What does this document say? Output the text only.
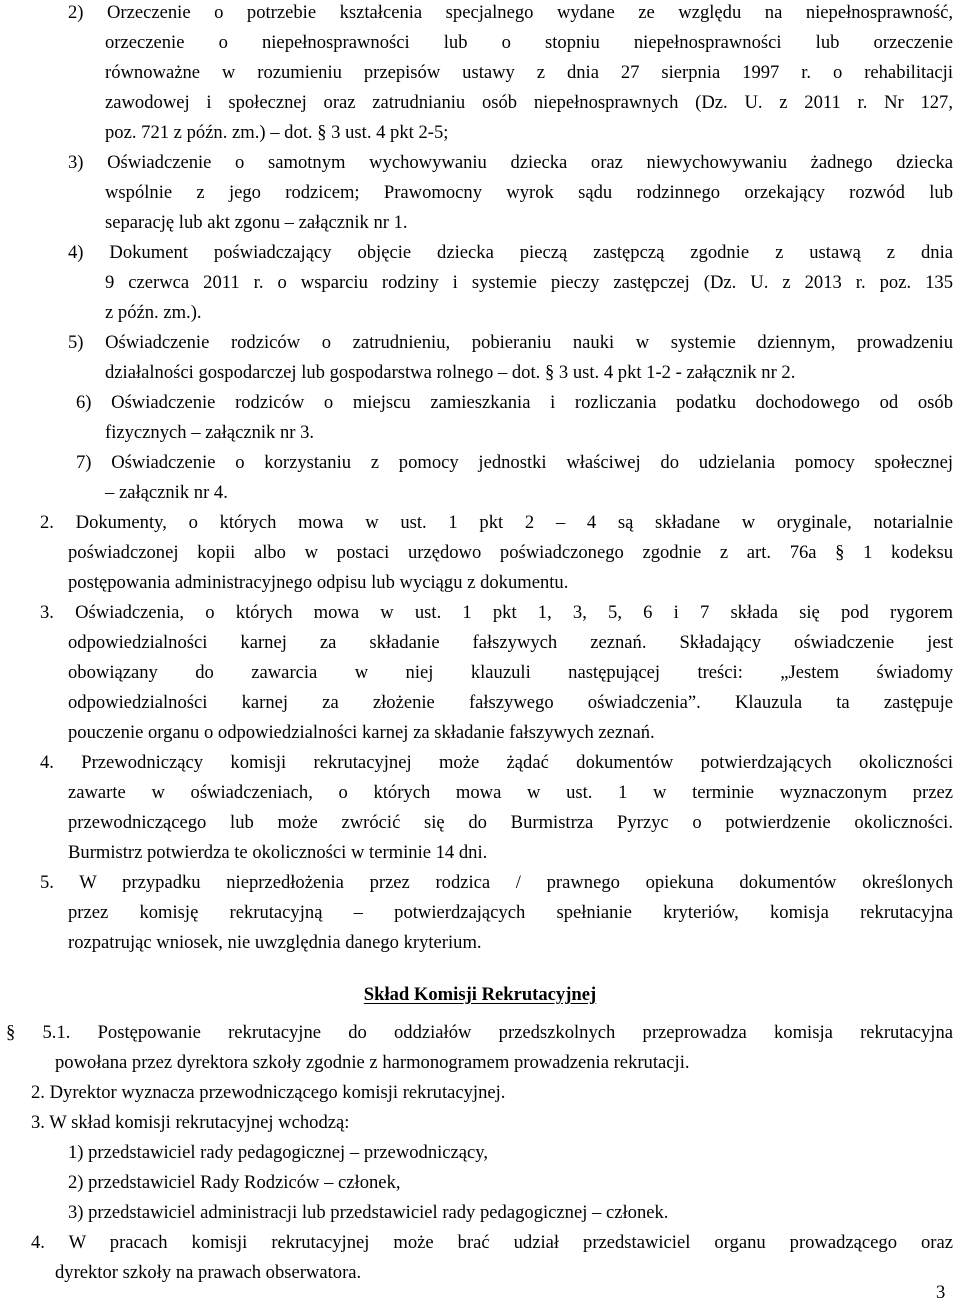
2) Orzeczenie o potrzebie kształcenia specjalnego wydane ze względu na niepełnosprawność,
orzeczenie o niepełnosprawności lub o stopniu niepełnosprawności lub orzeczenie
równoważne w rozumieniu przepisów ustawy z dnia 27 sierpnia 1997 r. o rehabilitacji
zawodowej i społecznej oraz zatrudnianiu osób niepełnosprawnych (Dz. U. z 2011 r. Nr 127,
poz. 721 z późn. zm.) – dot. § 3 ust. 4 pkt 2-5;
3) Oświadczenie o samotnym wychowywaniu dziecka oraz niewychowywaniu żadnego dziecka
wspólnie z jego rodzicem; Prawomocny wyrok sądu rodzinnego orzekający rozwód lub
separację lub akt zgonu – załącznik nr 1.
4) Dokument poświadczający objęcie dziecka pieczą zastępczą zgodnie z ustawą z dnia
9 czerwca 2011 r. o wsparciu rodziny i systemie pieczy zastępczej (Dz. U. z 2013 r. poz. 135
z późn. zm.).
5) Oświadczenie rodziców o zatrudnieniu, pobieraniu nauki w systemie dziennym, prowadzeniu
działalności gospodarczej lub gospodarstwa rolnego – dot. § 3 ust. 4 pkt 1-2 - załącznik nr 2.
6) Oświadczenie rodziców o miejscu zamieszkania i rozliczania podatku dochodowego od osób
fizycznych – załącznik nr 3.
7) Oświadczenie o korzystaniu z pomocy jednostki właściwej do udzielania pomocy społecznej
– załącznik nr 4.
2. Dokumenty, o których mowa w ust. 1 pkt 2 – 4 są składane w oryginale, notarialnie
poświadczonej kopii albo w postaci urzędowo poświadczonego zgodnie z art. 76a § 1 kodeksu
postępowania administracyjnego odpisu lub wyciągu z dokumentu.
3. Oświadczenia, o których mowa w ust. 1 pkt 1, 3, 5, 6 i 7 składa się pod rygorem
odpowiedzialności karnej za składanie fałszywych zeznań. Składający oświadczenie jest
obowiązany do zawarcia w niej klauzuli następującej treści: „Jestem świadomy
odpowiedzialności karnej za złożenie fałszywego oświadczenia”. Klauzula ta zastępuje
pouczenie organu o odpowiedzialności karnej za składanie fałszywych zeznań.
4. Przewodniczący komisji rekrutacyjnej może żądać dokumentów potwierdzających okoliczności
zawarte w oświadczeniach, o których mowa w ust. 1 w terminie wyznaczonym przez
przewodniczącego lub może zwrócić się do Burmistrza Pyrzyc o potwierdzenie okoliczności.
Burmistrz potwierdza te okoliczności w terminie 14 dni.
5. W przypadku nieprzedłożenia przez rodzica / prawnego opiekuna dokumentów określonych
przez komisję rekrutacyjną – potwierdzających spełnianie kryteriów, komisja rekrutacyjna
rozpatrując wniosek, nie uwzględnia danego kryterium.
§ 5.1. Postępowanie rekrutacyjne do oddziałów przedszkolnych przeprowadza komisja rekrutacyjna
powołana przez dyrektora szkoły zgodnie z harmonogramem prowadzenia rekrutacji.
2. Dyrektor wyznacza przewodniczącego komisji rekrutacyjnej.
3. W skład komisji rekrutacyjnej wchodzą:
1) przedstawiciel rady pedagogicznej – przewodniczący,
2) przedstawiciel Rady Rodziców – członek,
3) przedstawiciel administracji lub przedstawiciel rady pedagogicznej – członek.
4. W pracach komisji rekrutacyjnej może brać udział przedstawiciel organu prowadzącego oraz
dyrektor szkoły na prawach obserwatora.
Skład Komisji Rekrutacyjnej
3
